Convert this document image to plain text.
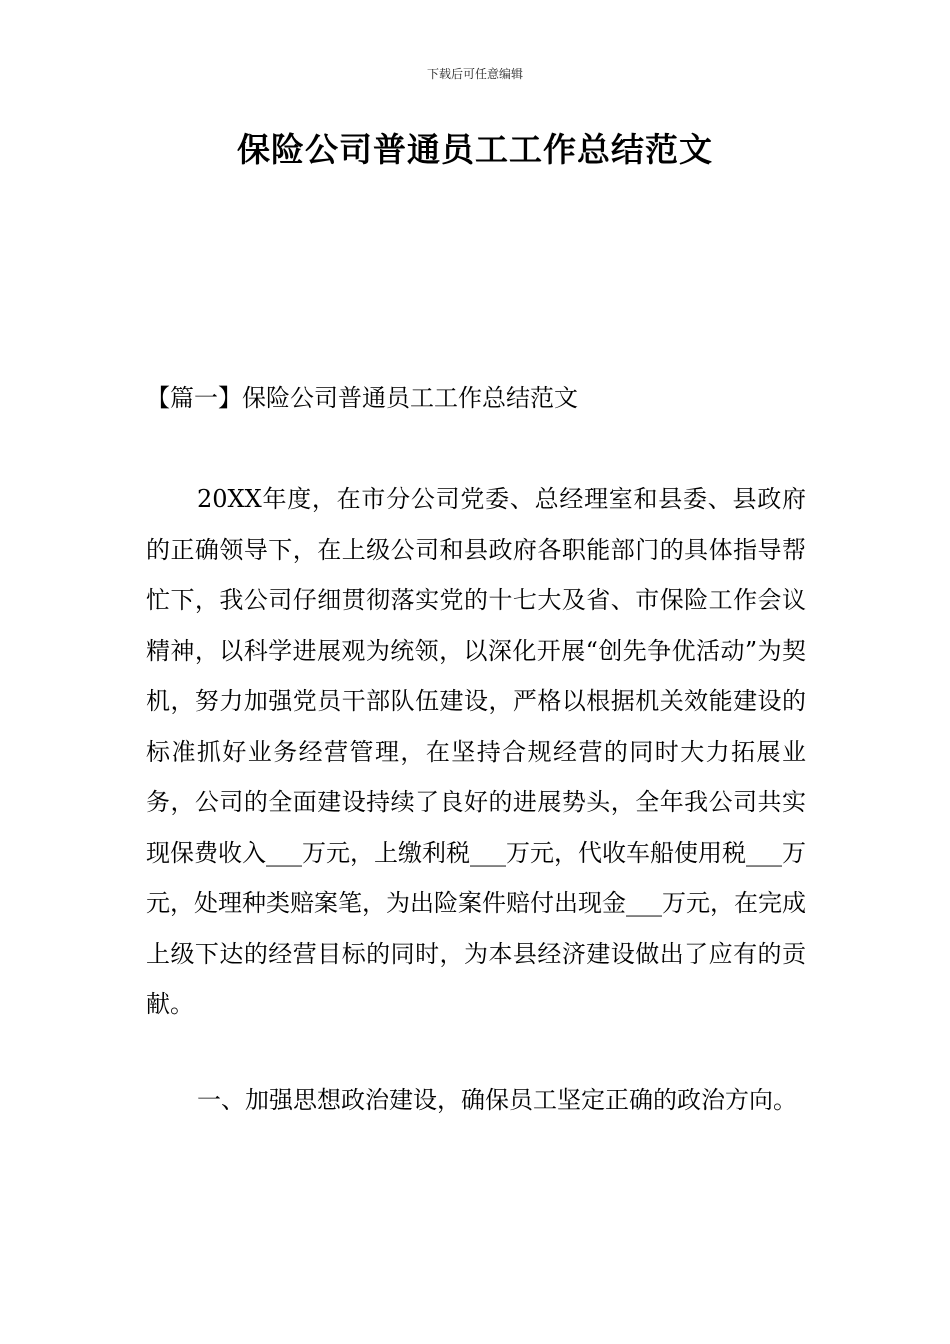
下载后可任意编辑
保险公司普通员工工作总结范文
【篇一】保险公司普通员工工作总结范文

20XX年度，在市分公司党委、总经理室和县委、县政府的正确领导下，在上级公司和县政府各职能部门的具体指导帮忙下，我公司仔细贯彻落实党的十七大及省、市保险工作会议精神，以科学进展观为统领，以深化开展“创先争优活动”为契机，努力加强党员干部队伍建设，严格以根据机关效能建设的标准抓好业务经营管理，在坚持合规经营的同时大力拓展业务，公司的全面建设持续了良好的进展势头，全年我公司共实现保费收入___万元，上缴利税___万元，代收车船使用税___万元，处理种类赔案笔，为出险案件赔付出现金___万元，在完成上级下达的经营目标的同时，为本县经济建设做出了应有的贡献。

一、加强思想政治建设，确保员工坚定正确的政治方向。
